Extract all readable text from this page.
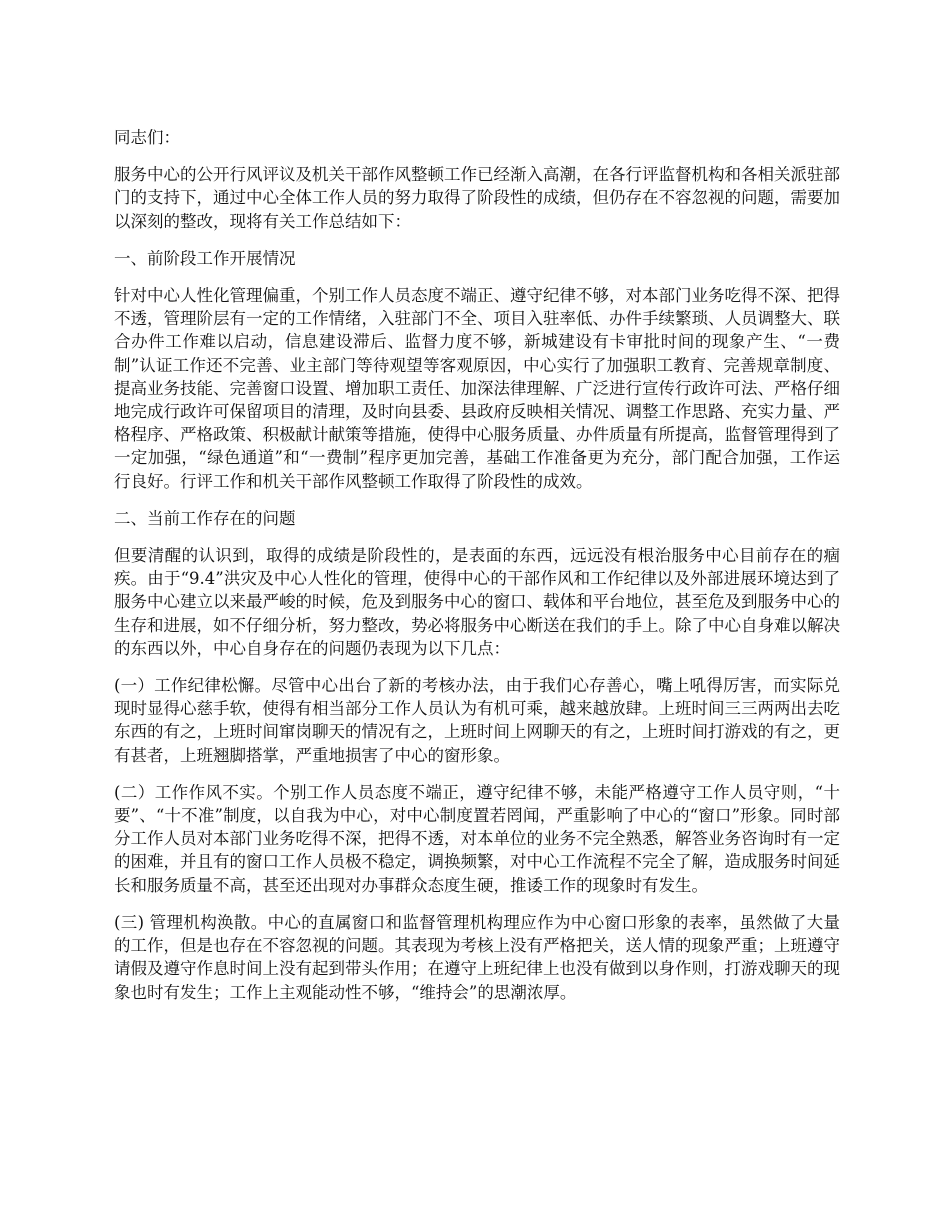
同志们：

服务中心的公开行风评议及机关干部作风整顿工作已经渐入高潮，在各行评监督机构和各相关派驻部门的支持下，通过中心全体工作人员的努力取得了阶段性的成绩，但仍存在不容忽视的问题，需要加以深刻的整改，现将有关工作总结如下：

一、前阶段工作开展情况

针对中心人性化管理偏重，个别工作人员态度不端正、遵守纪律不够，对本部门业务吃得不深、把得不透，管理阶层有一定的工作情绪，入驻部门不全、项目入驻率低、办件手续繁琐、人员调整大、联合办件工作难以启动，信息建设滞后、监督力度不够，新城建设有卡审批时间的现象产生、“一费制”认证工作还不完善、业主部门等待观望等客观原因，中心实行了加强职工教育、完善规章制度、提高业务技能、完善窗口设置、增加职工责任、加深法律理解、广泛进行宣传行政许可法、严格仔细地完成行政许可保留项目的清理，及时向县委、县政府反映相关情况、调整工作思路、充实力量、严格程序、严格政策、积极献计献策等措施，使得中心服务质量、办件质量有所提高，监督管理得到了一定加强，“绿色通道”和“一费制”程序更加完善，基础工作准备更为充分，部门配合加强，工作运行良好。行评工作和机关干部作风整顿工作取得了阶段性的成效。

二、当前工作存在的问题

但要清醒的认识到，取得的成绩是阶段性的，是表面的东西，远远没有根治服务中心目前存在的痼疾。由于“9.4”洪灾及中心人性化的管理，使得中心的干部作风和工作纪律以及外部进展环境达到了服务中心建立以来最严峻的时候，危及到服务中心的窗口、载体和平台地位，甚至危及到服务中心的生存和进展，如不仔细分析，努力整改，势必将服务中心断送在我们的手上。除了中心自身难以解决的东西以外，中心自身存在的问题仍表现为以下几点：

(一）工作纪律松懈。尽管中心出台了新的考核办法，由于我们心存善心，嘴上吼得厉害，而实际兑现时显得心慈手软，使得有相当部分工作人员认为有机可乘，越来越放肆。上班时间三三两两出去吃东西的有之，上班时间窜岗聊天的情况有之，上班时间上网聊天的有之，上班时间打游戏的有之，更有甚者，上班翘脚搭掌，严重地损害了中心的窗形象。

(二）工作作风不实。个别工作人员态度不端正，遵守纪律不够，未能严格遵守工作人员守则，“十要”、“十不准”制度，以自我为中心，对中心制度置若罔闻，严重影响了中心的“窗口”形象。同时部分工作人员对本部门业务吃得不深，把得不透，对本单位的业务不完全熟悉，解答业务咨询时有一定的困难，并且有的窗口工作人员极不稳定，调换频繁，对中心工作流程不完全了解，造成服务时间延长和服务质量不高，甚至还出现对办事群众态度生硬，推诿工作的现象时有发生。

(三) 管理机构涣散。中心的直属窗口和监督管理机构理应作为中心窗口形象的表率，虽然做了大量的工作，但是也存在不容忽视的问题。其表现为考核上没有严格把关，送人情的现象严重；上班遵守请假及遵守作息时间上没有起到带头作用；在遵守上班纪律上也没有做到以身作则，打游戏聊天的现象也时有发生；工作上主观能动性不够，“维持会”的思潮浓厚。
